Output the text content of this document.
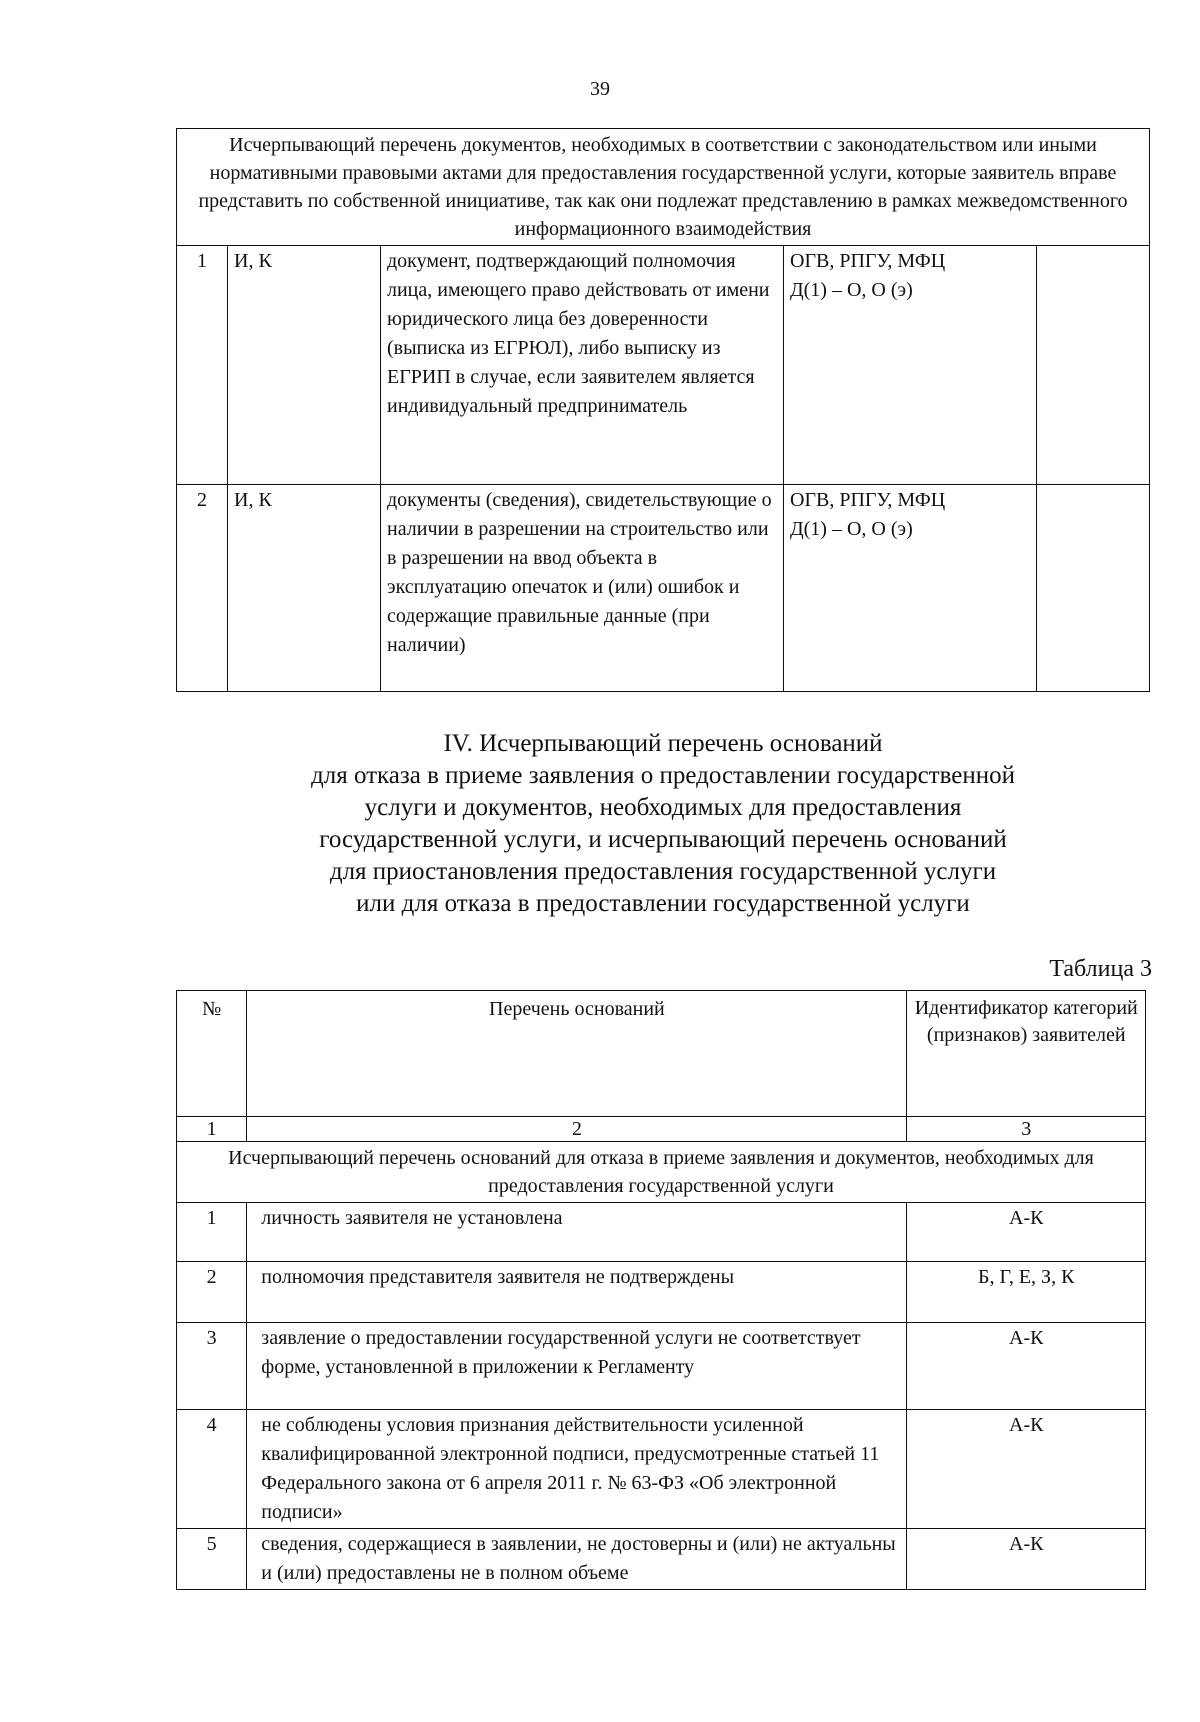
39
Исчерпывающий перечень документов, необходимых в соответствии с законодательством или иными нормативными правовыми актами для предоставления государственной услуги, которые заявитель вправе представить по собственной инициативе, так как они подлежат представлению в рамках межведомственного информационного взаимодействия				
1	И, К	документ, подтверждающий полномочия лица, имеющего право действовать от имени юридического лица без доверенности (выписка из ЕГРЮЛ), либо выписку из ЕГРИП в случае, если заявителем является индивидуальный предприниматель	ОГВ, РПГУ, МФЦ
Д(1) – О, О (э)	

2	И, К	документы (сведения), свидетельствующие о наличии в разрешении на строительство или в разрешении на ввод объекта в эксплуатацию опечаток и (или) ошибок и содержащие правильные данные (при наличии)	ОГВ, РПГУ, МФЦ
Д(1) – О, О (э)	

IV. Исчерпывающий перечень оснований
для отказа в приеме заявления о предоставлении государственной
услуги и документов, необходимых для предоставления
государственной услуги, и исчерпывающий перечень оснований
для приостановления предоставления государственной услуги
или для отказа в предоставлении государственной услуги
Таблица 3
№	Перечень оснований	Идентификатор категорий (признаков) заявителей
1	2	3
Исчерпывающий перечень оснований для отказа в приеме заявления и документов, необходимых для предоставления государственной услуги		
1	личность заявителя не установлена	А-К
2	полномочия представителя заявителя не подтверждены	Б, Г, Е, З, К
3	заявление о предоставлении государственной услуги не соответствует форме, установленной в приложении к Регламенту	А-К
4	не соблюдены условия признания действительности усиленной квалифицированной электронной подписи, предусмотренные статьей 11 Федерального закона от 6 апреля 2011 г. № 63-ФЗ «Об электронной подписи»	А-К
5	сведения, содержащиеся в заявлении, не достоверны и (или) не актуальны и (или) предоставлены не в полном объеме	А-К
